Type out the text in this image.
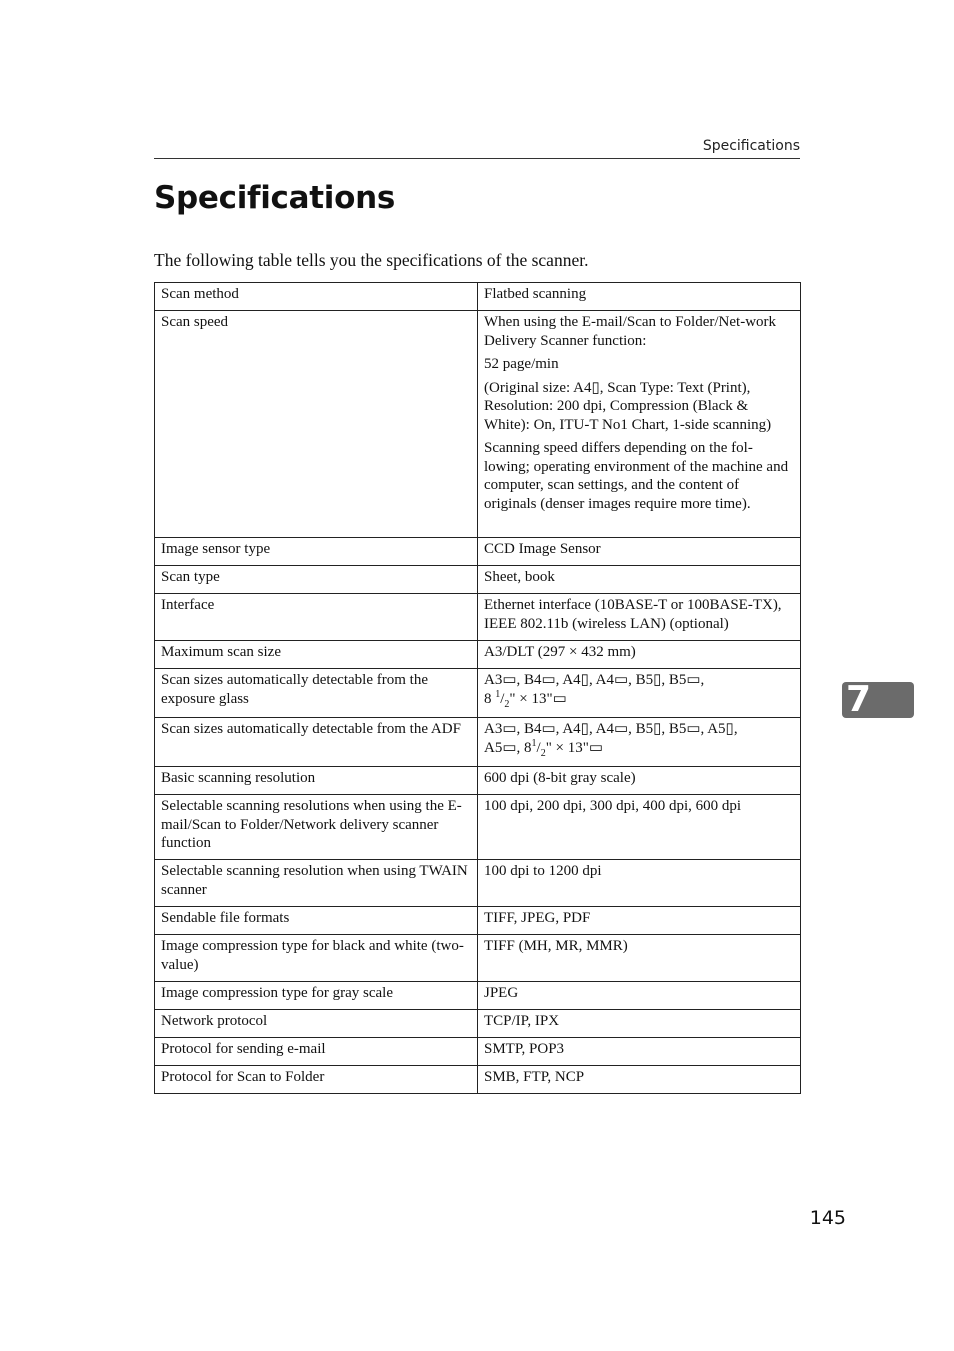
Specifications
Specifications

The following table tells you the specifications of the scanner.

Scan method	Flatbed scanning
Scan speed	When using the E-mail/Scan to Folder/Net-work Delivery Scanner function:

52 page/min

(Original size: A4▯, Scan Type: Text (Print), Resolution: 200 dpi, Compression (Black & White): On, ITU-T No1 Chart, 1-side scanning)

Scanning speed differs depending on the fol-lowing; operating environment of the machine and computer, scan settings, and the content of originals (denser images require more time).

Image sensor type	CCD Image Sensor
Scan type	Sheet, book
Interface	Ethernet interface (10BASE-T or 100BASE-TX), IEEE 802.11b (wireless LAN) (optional)
Maximum scan size	A3/DLT (297 × 432 mm)
Scan sizes automatically detectable from the exposure glass	A3▭, B4▭, A4▯, A4▭, B5▯, B5▭,
8 $^1/_2$" × 13"▭
Scan sizes automatically detectable from the ADF	A3▭, B4▭, A4▯, A4▭, B5▯, B5▭, A5▯,
A5▭, $8^1/_2$" × 13"▭
Basic scanning resolution	600 dpi (8-bit gray scale)
Selectable scanning resolutions when using the E-mail/Scan to Folder/Network delivery scanner function	100 dpi, 200 dpi, 300 dpi, 400 dpi, 600 dpi
Selectable scanning resolution when using TWAIN scanner	100 dpi to 1200 dpi
Sendable file formats	TIFF, JPEG, PDF
Image compression type for black and white (two-value)	TIFF (MH, MR, MMR)
Image compression type for gray scale	JPEG
Network protocol	TCP/IP, IPX
Protocol for sending e-mail	SMTP, POP3
Protocol for Scan to Folder	SMB, FTP, NCP
7
145
